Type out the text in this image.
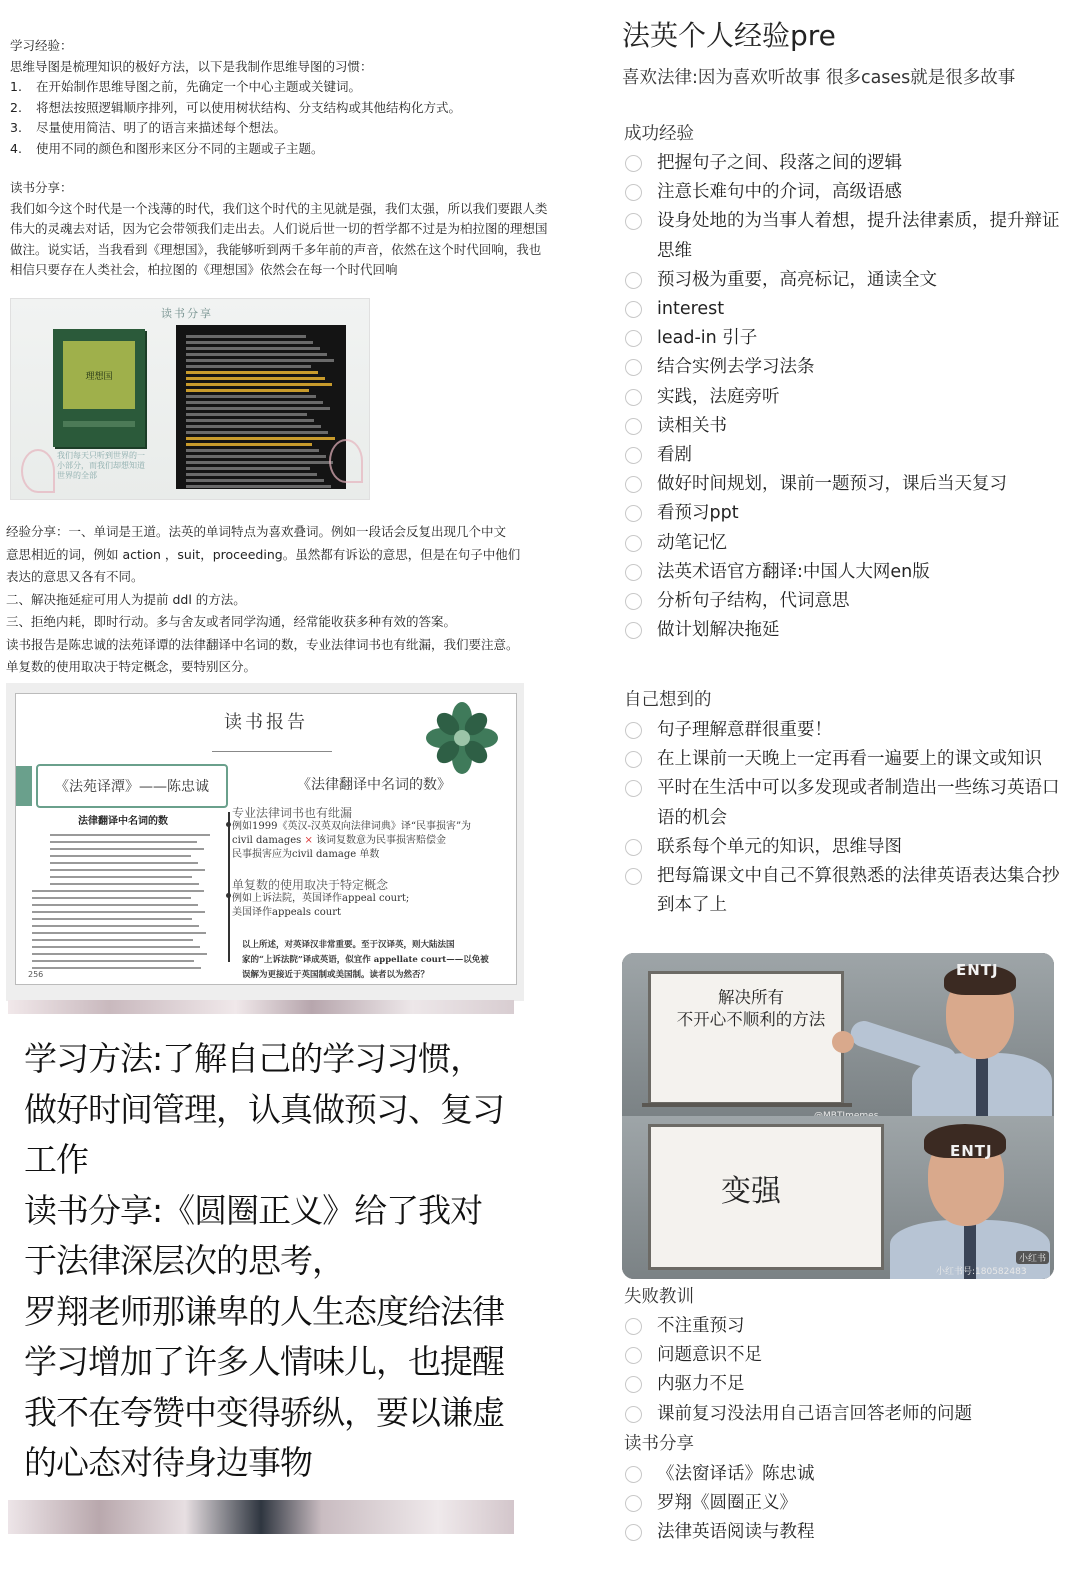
学习经验：

思维导图是梳理知识的极好方法，以下是我制作思维导图的习惯：

1. 在开始制作思维导图之前，先确定一个中心主题或关键词。
2. 将想法按照逻辑顺序排列，可以使用树状结构、分支结构或其他结构化方式。
3. 尽量使用简洁、明了的语言来描述每个想法。
4. 使用不同的颜色和图形来区分不同的主题或子主题。

读书分享：

我们如今这个时代是一个浅薄的时代，我们这个时代的主见就是强，我们太强，所以我们要跟人类伟大的灵魂去对话，因为它会带领我们走出去。人们说后世一切的哲学都不过是为柏拉图的理想国做注。说实话，当我看到《理想国》，我能够听到两千多年前的声音，依然在这个时代回响，我也相信只要存在人类社会，柏拉图的《理想国》依然会在每一个时代回响

读书分享
理想国
我们每天只听到世界的一小部分，而我们却想知道世界的全部

经验分享：一、单词是王道。法英的单词特点为喜欢叠词。例如一段话会反复出现几个中文

意思相近的词，例如 action ，suit，proceeding。虽然都有诉讼的意思，但是在句子中他们

表达的意思又各有不同。

二、解决拖延症可用人为提前 ddl 的方法。

三、拒绝内耗，即时行动。多与舍友或者同学沟通，经常能收获多种有效的答案。

读书报告是陈忠诚的法苑译谭的法律翻译中名词的数，专业法律词书也有纰漏，我们要注意。

单复数的使用取决于特定概念，要特别区分。

读书报告
《法苑译潭》——陈忠诚	《法律翻译中名词的数》
法律翻译中名词的数
256
专业法律词书也有纰漏
例如1999《英汉-汉英双向法律词典》译“民事损害”为
civil damages × 该词复数意为民事损害赔偿金
民事损害应为civil damage 单数
单复数的使用取决于特定概念
例如上诉法院，英国译作appeal court;
美国译作appeals court
以上所述，对英译汉非常重要。至于汉译英，则大陆法国
家的“上诉法院”译成英语，似宜作 appellate court——以免被
误解为更接近于英国制或美国制。读者以为然否？
学习方法:了解自己的学习习惯，做好时间管理，认真做预习、复习工作
读书分享:《圆圈正义》给了我对于法律深层次的思考，
罗翔老师那谦卑的人生态度给法律学习增加了许多人情味儿，也提醒我不在夸赞中变得骄纵，要以谦虚的心态对待身边事物
法英个人经验pre
喜欢法律:因为喜欢听故事 很多cases就是很多故事
成功经验
把握句子之间、段落之间的逻辑
注意长难句中的介词，高级语感
设身处地的为当事人着想，提升法律素质，提升辩证思维
预习极为重要，高亮标记，通读全文
interest
lead-in 引子
结合实例去学习法条
实践，法庭旁听
读相关书
看剧
做好时间规划，课前一题预习，课后当天复习
看预习ppt
动笔记忆
法英术语官方翻译:中国人大网en版
分析句子结构，代词意思
做计划解决拖延
自己想到的
句子理解意群很重要！
在上课前一天晚上一定再看一遍要上的课文或知识
平时在生活中可以多发现或者制造出一些练习英语口语的机会
联系每个单元的知识，思维导图
把每篇课文中自己不算很熟悉的法律英语表达集合抄到本了上
解决所有
不开心不顺利的方法
ENTJ
变强
ENTJ
小红书
小红书号:180582483
失败教训
不注重预习
问题意识不足
内驱力不足
课前复习没法用自己语言回答老师的问题
读书分享
《法窗译话》陈忠诚
罗翔《圆圈正义》
法律英语阅读与教程
